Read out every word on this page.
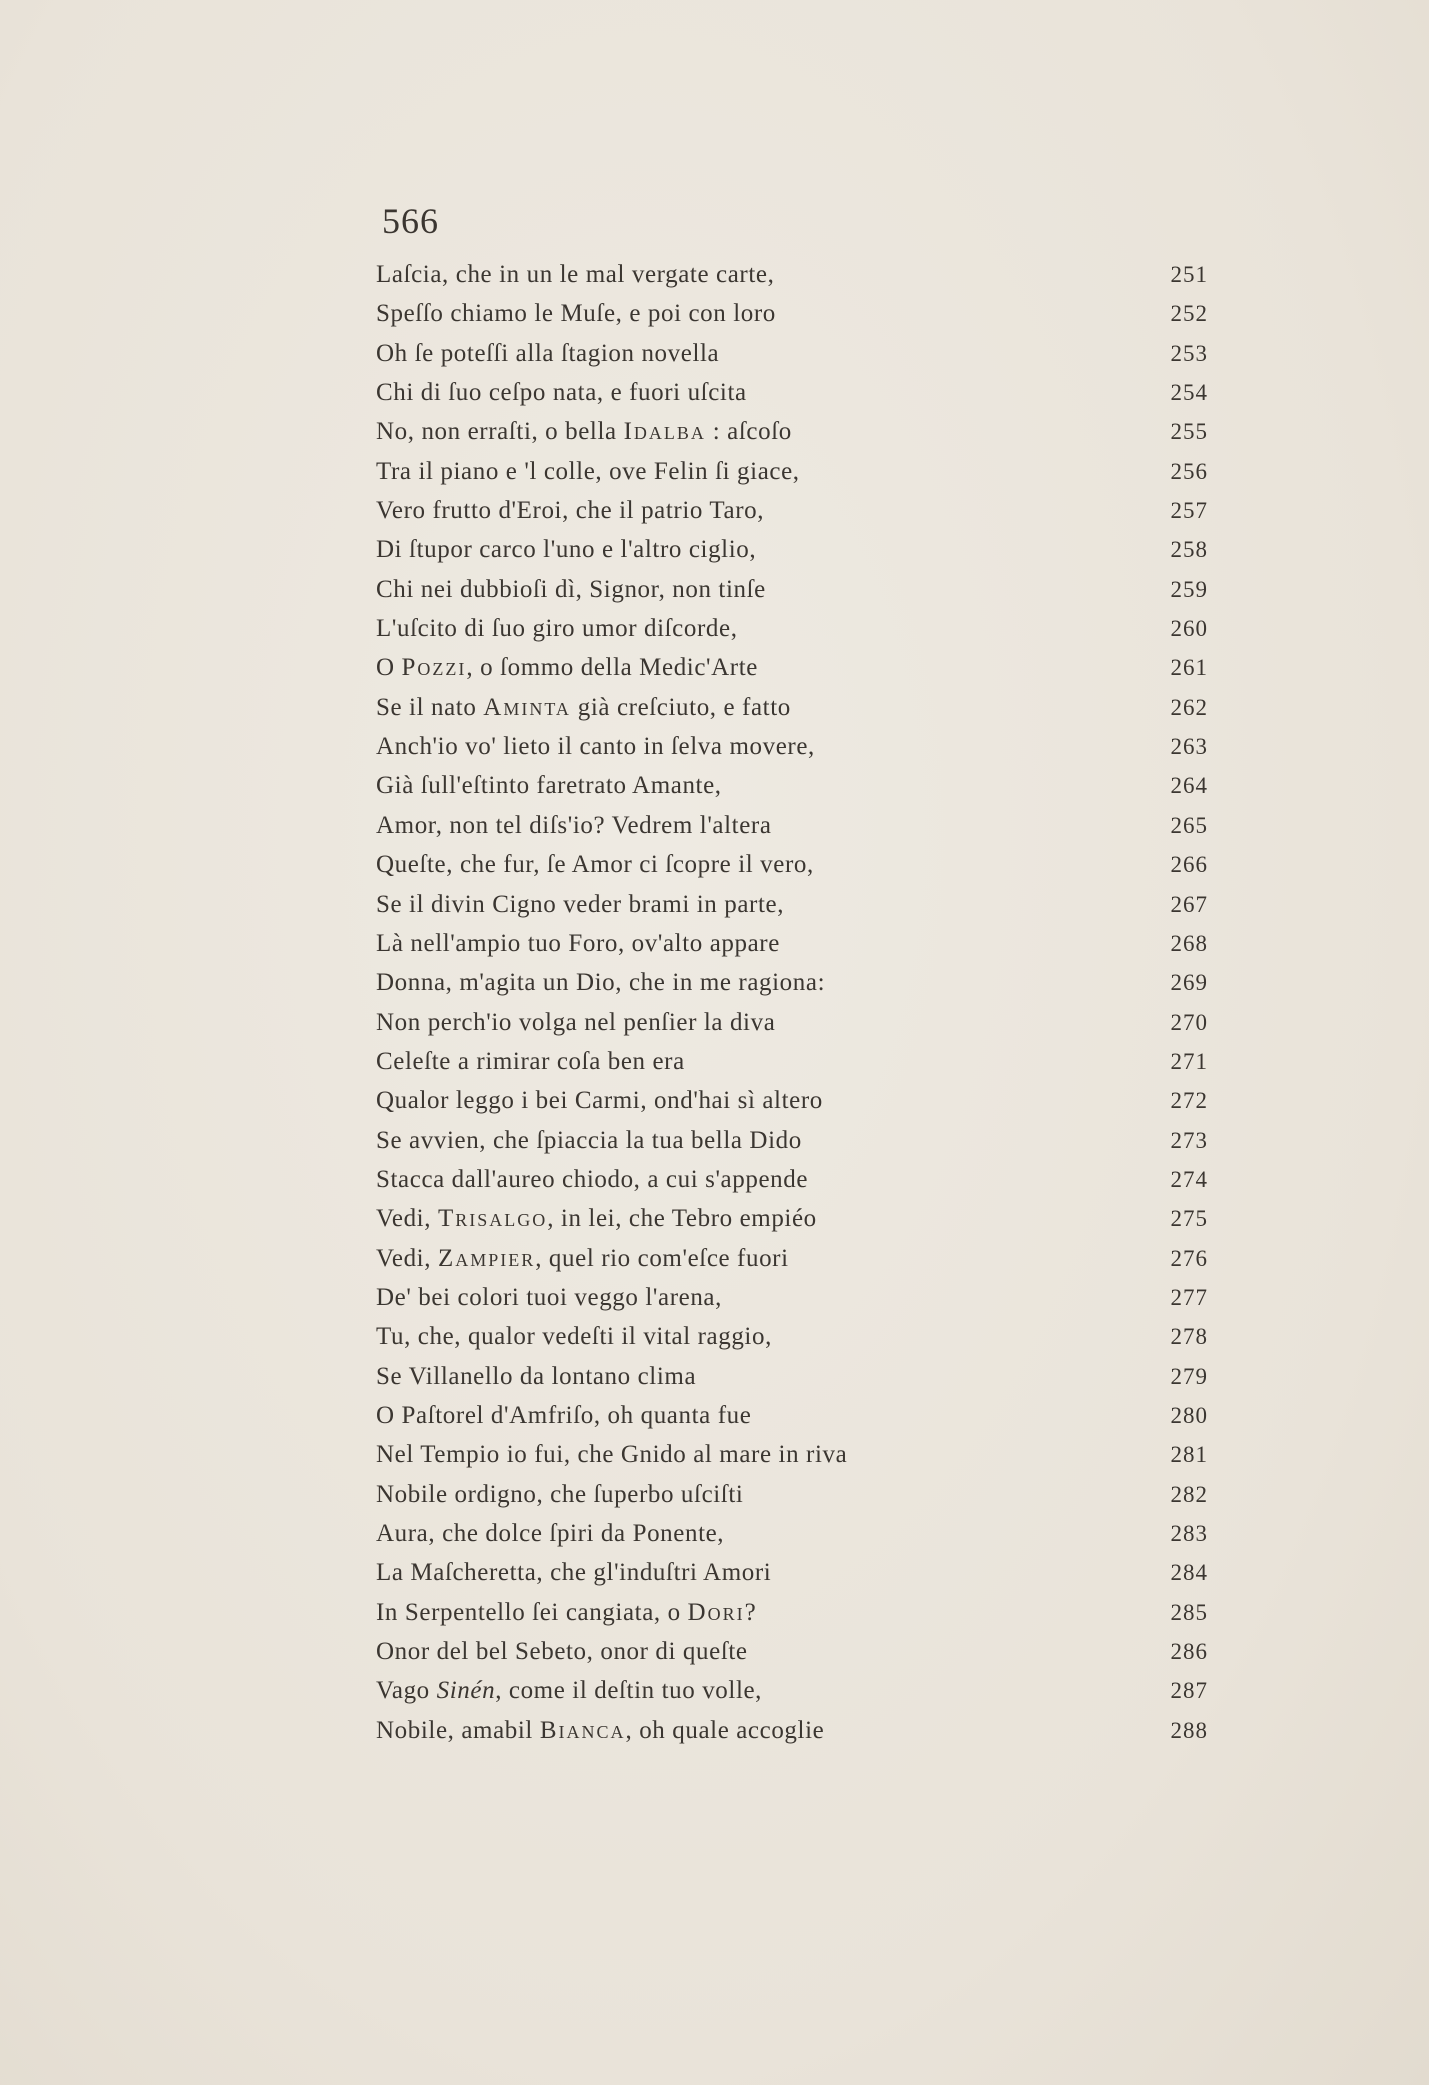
566
Laſcia, che in un le mal vergate carte,	251
Speſſo chiamo le Muſe, e poi con loro	252
Oh ſe poteſſi alla ſtagion novella	253
Chi di ſuo ceſpo nata, e fuori uſcita	254
No, non erraſti, o bella Idalba : aſcoſo	255
Tra il piano e 'l colle, ove Felin ſi giace,	256
Vero frutto d'Eroi, che il patrio Taro,	257
Di ſtupor carco l'uno e l'altro ciglio,	258
Chi nei dubbioſi dì, Signor, non tinſe	259
L'uſcito di ſuo giro umor diſcorde,	260
O Pozzi, o ſommo della Medic'Arte	261
Se il nato Aminta già creſciuto, e fatto	262
Anch'io vo' lieto il canto in ſelva movere,	263
Già ſull'eſtinto faretrato Amante,	264
Amor, non tel diſs'io? Vedrem l'altera	265
Queſte, che fur, ſe Amor ci ſcopre il vero,	266
Se il divin Cigno veder brami in parte,	267
Là nell'ampio tuo Foro, ov'alto appare	268
Donna, m'agita un Dio, che in me ragiona:	269
Non perch'io volga nel penſier la diva	270
Celeſte a rimirar coſa ben era	271
Qualor leggo i bei Carmi, ond'hai sì altero	272
Se avvien, che ſpiaccia la tua bella Dido	273
Stacca dall'aureo chiodo, a cui s'appende	274
Vedi, Trisalgo, in lei, che Tebro empiéo	275
Vedi, Zampier, quel rio com'eſce fuori	276
De' bei colori tuoi veggo l'arena,	277
Tu, che, qualor vedeſti il vital raggio,	278
Se Villanello da lontano clima	279
O Paſtorel d'Amfriſo, oh quanta fue	280
Nel Tempio io fui, che Gnido al mare in riva	281
Nobile ordigno, che ſuperbo uſciſti	282
Aura, che dolce ſpiri da Ponente,	283
La Maſcheretta, che gl'induſtri Amori	284
In Serpentello ſei cangiata, o Dori?	285
Onor del bel Sebeto, onor di queſte	286
Vago Sinén, come il deſtin tuo volle,	287
Nobile, amabil Bianca, oh quale accoglie	288
